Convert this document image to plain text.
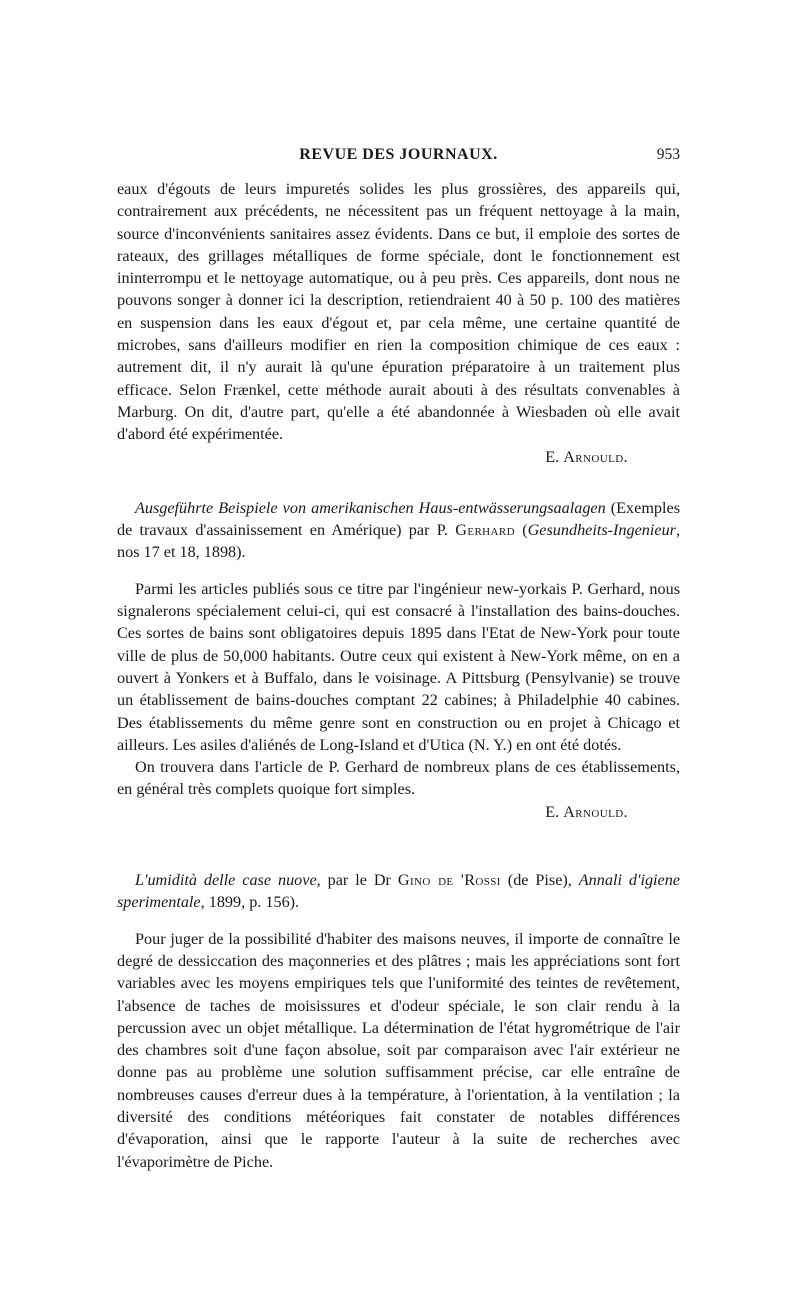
REVUE DES JOURNAUX.	953

eaux d'égouts de leurs impuretés solides les plus grossières, des appareils qui, contrairement aux précédents, ne nécessitent pas un fréquent nettoyage à la main, source d'inconvénients sanitaires assez évidents. Dans ce but, il emploie des sortes de rateaux, des grillages métalliques de forme spéciale, dont le fonctionnement est ininterrompu et le nettoyage automatique, ou à peu près. Ces appareils, dont nous ne pouvons songer à donner ici la description, retiendraient 40 à 50 p. 100 des matières en suspension dans les eaux d'égout et, par cela même, une certaine quantité de microbes, sans d'ailleurs modifier en rien la composition chimique de ces eaux : autrement dit, il n'y aurait là qu'une épuration préparatoire à un traitement plus efficace. Selon Frænkel, cette méthode aurait abouti à des résultats convenables à Marburg. On dit, d'autre part, qu'elle a été abandonnée à Wiesbaden où elle avait d'abord été expérimentée.

E. Arnould.

Ausgeführte Beispiele von amerikanischen Haus-entwässerungsaalagen (Exemples de travaux d'assainissement en Amérique) par P. Gerhard (Gesundheits-Ingenieur, nos 17 et 18, 1898).

Parmi les articles publiés sous ce titre par l'ingénieur new-yorkais P. Gerhard, nous signalerons spécialement celui-ci, qui est consacré à l'installation des bains-douches. Ces sortes de bains sont obligatoires depuis 1895 dans l'Etat de New-York pour toute ville de plus de 50,000 habitants. Outre ceux qui existent à New-York même, on en a ouvert à Yonkers et à Buffalo, dans le voisinage. A Pittsburg (Pensylvanie) se trouve un établissement de bains-douches comptant 22 cabines; à Philadelphie 40 cabines. Des établissements du même genre sont en construction ou en projet à Chicago et ailleurs. Les asiles d'aliénés de Long-Island et d'Utica (N. Y.) en ont été dotés.

On trouvera dans l'article de P. Gerhard de nombreux plans de ces établissements, en général très complets quoique fort simples.

E. Arnould.

L'umidità delle case nuove, par le Dr Gino de 'Rossi (de Pise), Annali d'igiene sperimentale, 1899, p. 156).

Pour juger de la possibilité d'habiter des maisons neuves, il importe de connaître le degré de dessiccation des maçonneries et des plâtres ; mais les appréciations sont fort variables avec les moyens empiriques tels que l'uniformité des teintes de revêtement, l'absence de taches de moisissures et d'odeur spéciale, le son clair rendu à la percussion avec un objet métallique. La détermination de l'état hygrométrique de l'air des chambres soit d'une façon absolue, soit par comparaison avec l'air extérieur ne donne pas au problème une solution suffisamment précise, car elle entraîne de nombreuses causes d'erreur dues à la température, à l'orientation, à la ventilation ; la diversité des conditions météoriques fait constater de notables différences d'évaporation, ainsi que le rapporte l'auteur à la suite de recherches avec l'évaporimètre de Piche.
